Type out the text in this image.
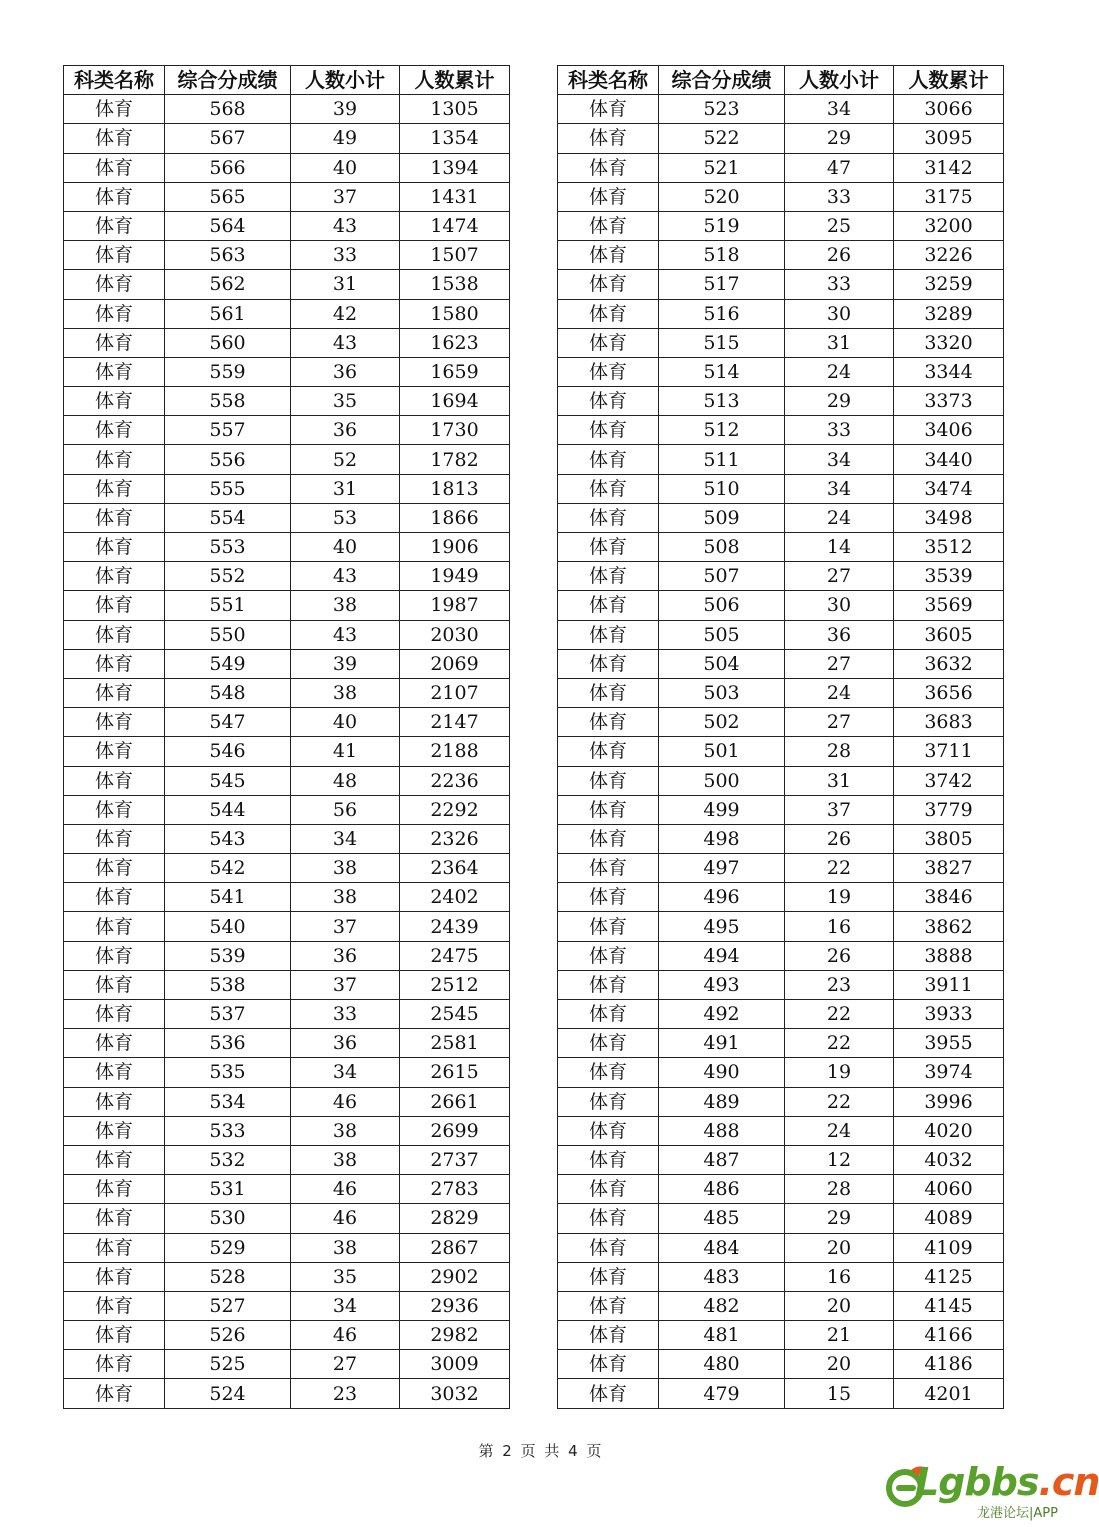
科类名称	综合分成绩	人数小计	人数累计
体育	568	39	1305
体育	567	49	1354
体育	566	40	1394
体育	565	37	1431
体育	564	43	1474
体育	563	33	1507
体育	562	31	1538
体育	561	42	1580
体育	560	43	1623
体育	559	36	1659
体育	558	35	1694
体育	557	36	1730
体育	556	52	1782
体育	555	31	1813
体育	554	53	1866
体育	553	40	1906
体育	552	43	1949
体育	551	38	1987
体育	550	43	2030
体育	549	39	2069
体育	548	38	2107
体育	547	40	2147
体育	546	41	2188
体育	545	48	2236
体育	544	56	2292
体育	543	34	2326
体育	542	38	2364
体育	541	38	2402
体育	540	37	2439
体育	539	36	2475
体育	538	37	2512
体育	537	33	2545
体育	536	36	2581
体育	535	34	2615
体育	534	46	2661
体育	533	38	2699
体育	532	38	2737
体育	531	46	2783
体育	530	46	2829
体育	529	38	2867
体育	528	35	2902
体育	527	34	2936
体育	526	46	2982
体育	525	27	3009
体育	524	23	3032
科类名称	综合分成绩	人数小计	人数累计
体育	523	34	3066
体育	522	29	3095
体育	521	47	3142
体育	520	33	3175
体育	519	25	3200
体育	518	26	3226
体育	517	33	3259
体育	516	30	3289
体育	515	31	3320
体育	514	24	3344
体育	513	29	3373
体育	512	33	3406
体育	511	34	3440
体育	510	34	3474
体育	509	24	3498
体育	508	14	3512
体育	507	27	3539
体育	506	30	3569
体育	505	36	3605
体育	504	27	3632
体育	503	24	3656
体育	502	27	3683
体育	501	28	3711
体育	500	31	3742
体育	499	37	3779
体育	498	26	3805
体育	497	22	3827
体育	496	19	3846
体育	495	16	3862
体育	494	26	3888
体育	493	23	3911
体育	492	22	3933
体育	491	22	3955
体育	490	19	3974
体育	489	22	3996
体育	488	24	4020
体育	487	12	4032
体育	486	28	4060
体育	485	29	4089
体育	484	20	4109
体育	483	16	4125
体育	482	20	4145
体育	481	21	4166
体育	480	20	4186
体育	479	15	4201
第 2 页 共 4 页
Lgbbs.cn
龙港论坛|APP
